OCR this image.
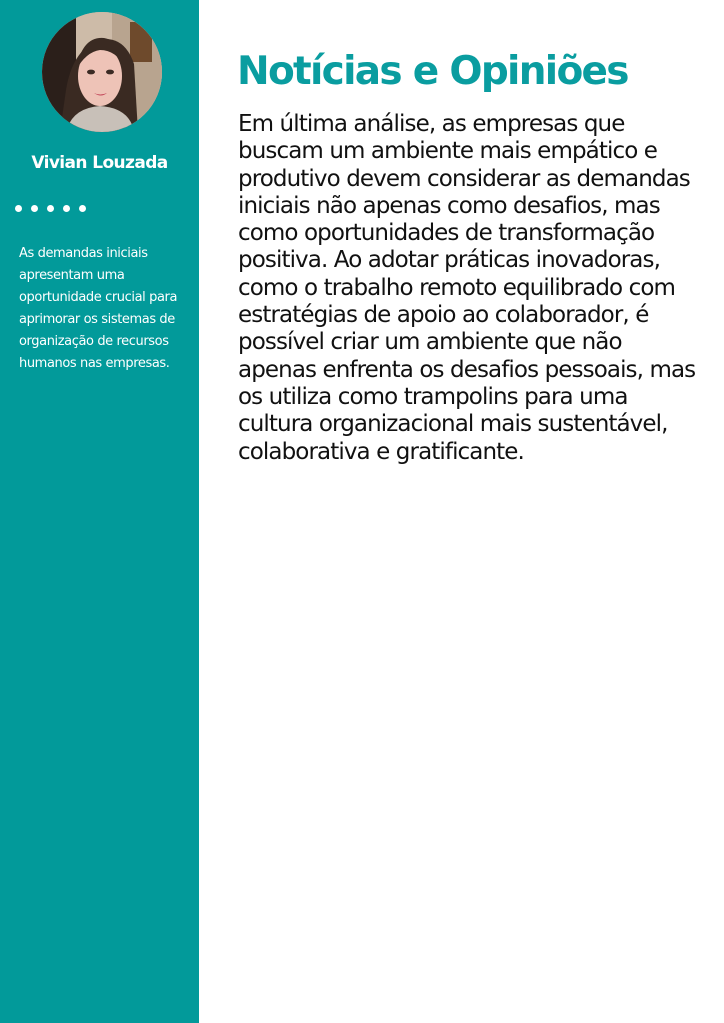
Vivian Louzada

As demandas iniciais apresentam uma oportunidade crucial para aprimorar os sistemas de organização de recursos humanos nas empresas.

Notícias e Opiniões

Em última análise, as empresas que buscam um ambiente mais empático e produtivo devem considerar as demandas iniciais não apenas como desafios, mas como oportunidades de transformação positiva. Ao adotar práticas inovadoras, como o trabalho remoto equilibrado com estratégias de apoio ao colaborador, é possível criar um ambiente que não apenas enfrenta os desafios pessoais, mas os utiliza como trampolins para uma cultura organizacional mais sustentável, colaborativa e gratificante.
